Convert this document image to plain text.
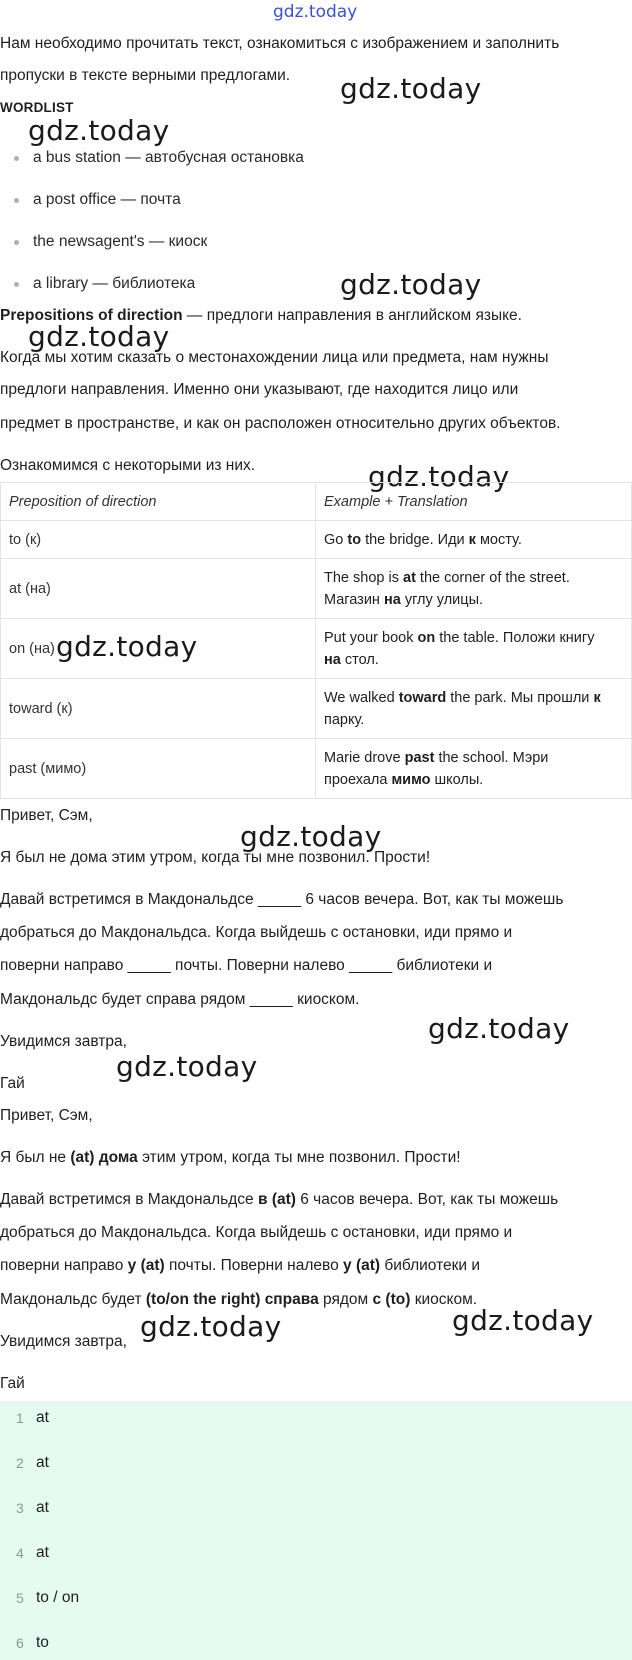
gdz.today
gdz.today
gdz.today
gdz.today
gdz.today
gdz.today
gdz.today
gdz.today
gdz.today
gdz.today
gdz.today	gdz.today
Нам необходимо прочитать текст, ознакомиться с изображением и заполнить
пропуски в тексте верными предлогами.
WORDLIST
a bus station — автобусная остановка
a post office — почта
the newsagent's — киоск
a library — библиотека
Prepositions of direction — предлоги направления в английском языке.
Когда мы хотим сказать о местонахождении лица или предмета, нам нужны
предлоги направления. Именно они указывают, где находится лицо или
предмет в пространстве, и как он расположен относительно других объектов.
Ознакомимся с некоторыми из них.
Preposition of direction	Example + Translation
to (к)	Go to the bridge. Иди к мосту.
at (на)	The shop is at the corner of the street.
Магазин на углу улицы.
on (на)	Put your book on the table. Положи книгу
на стол.
toward (к)	We walked toward the park. Мы прошли к
парку.
past (мимо)	Marie drove past the school. Мэри
проехала мимо школы.
Привет, Сэм,
Я был не дома этим утром, когда ты мне позвонил. Прости!
Давай встретимся в Макдональдсе _____ 6 часов вечера. Вот, как ты можешь
добраться до Макдональдса. Когда выйдешь с остановки, иди прямо и
поверни направо _____ почты. Поверни налево _____ библиотеки и
Макдональдс будет справа рядом _____ киоском.
Увидимся завтра,
Гай
Привет, Сэм,
Я был не (at) дома этим утром, когда ты мне позвонил. Прости!
Давай встретимся в Макдональдсе в (at) 6 часов вечера. Вот, как ты можешь
добраться до Макдональдса. Когда выйдешь с остановки, иди прямо и
поверни направо у (at) почты. Поверни налево у (at) библиотеки и
Макдональдс будет (to/on the right) справа рядом с (to) киоском.
Увидимся завтра,
Гай
1 at
2 at
3 at
4 at
5 to / on
6 to
